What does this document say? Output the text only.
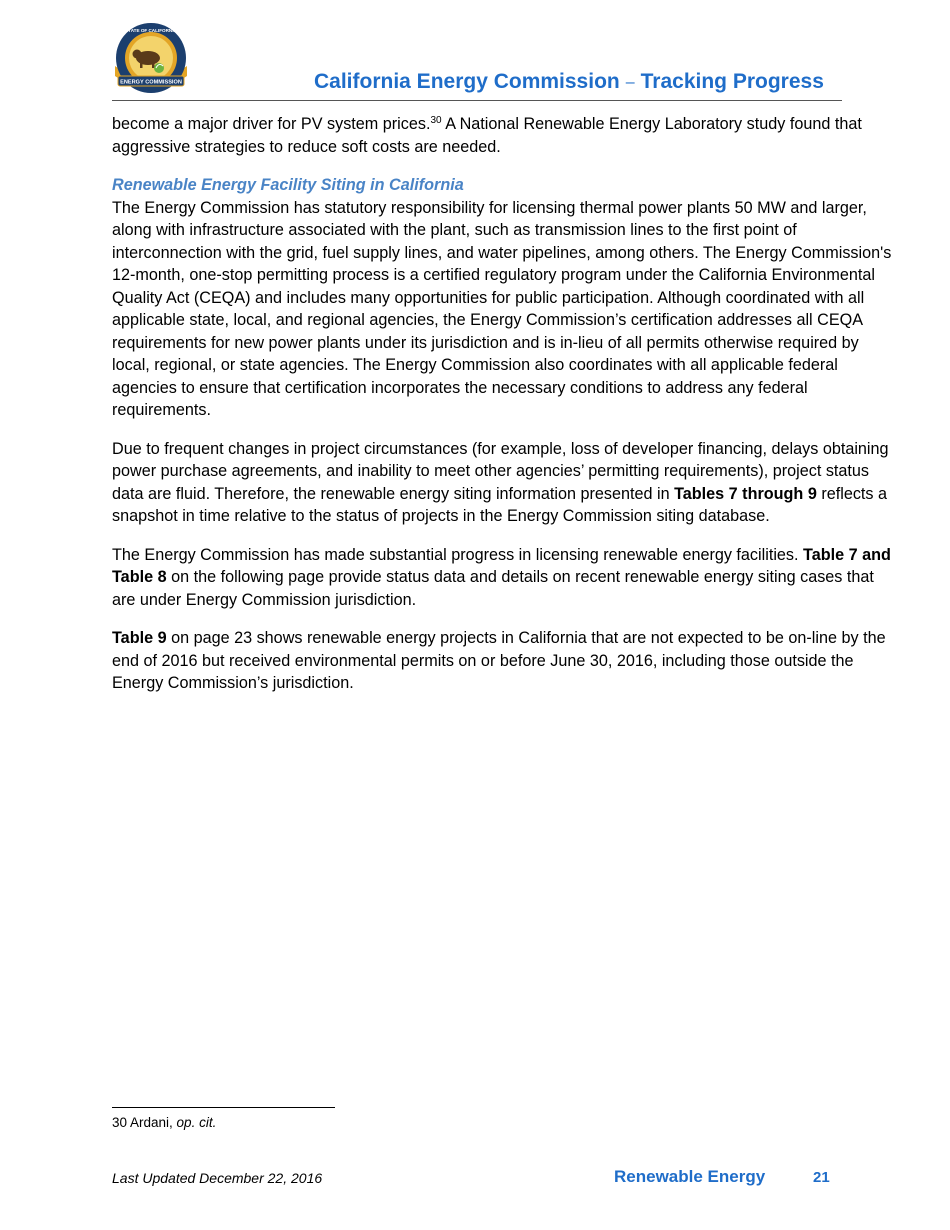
ENERGY COMMISSION
STATE OF CALIFORNIA
California Energy Commission – Tracking Progress

become a major driver for PV system prices.$^{30}$ A National Renewable Energy Laboratory study found that aggressive strategies to reduce soft costs are needed.

Renewable Energy Facility Siting in California

The Energy Commission has statutory responsibility for licensing thermal power plants 50 MW and larger, along with infrastructure associated with the plant, such as transmission lines to the first point of interconnection with the grid, fuel supply lines, and water pipelines, among others. The Energy Commission's 12-month, one-stop permitting process is a certified regulatory program under the California Environmental Quality Act (CEQA) and includes many opportunities for public participation. Although coordinated with all applicable state, local, and regional agencies, the Energy Commission’s certification addresses all CEQA requirements for new power plants under its jurisdiction and is in-lieu of all permits otherwise required by local, regional, or state agencies. The Energy Commission also coordinates with all applicable federal agencies to ensure that certification incorporates the necessary conditions to address any federal requirements.

Due to frequent changes in project circumstances (for example, loss of developer financing, delays obtaining power purchase agreements, and inability to meet other agencies’ permitting requirements), project status data are fluid. Therefore, the renewable energy siting information presented in Tables 7 through 9 reflects a snapshot in time relative to the status of projects in the Energy Commission siting database.

The Energy Commission has made substantial progress in licensing renewable energy facilities. Table 7 and Table 8 on the following page provide status data and details on recent renewable energy siting cases that are under Energy Commission jurisdiction.

Table 9 on page 23 shows renewable energy projects in California that are not expected to be on-line by the end of 2016 but received environmental permits on or before June 30, 2016, including those outside the Energy Commission’s jurisdiction.

30 Ardani, op. cit.
Last Updated December 22, 2016	Renewable Energy	21
